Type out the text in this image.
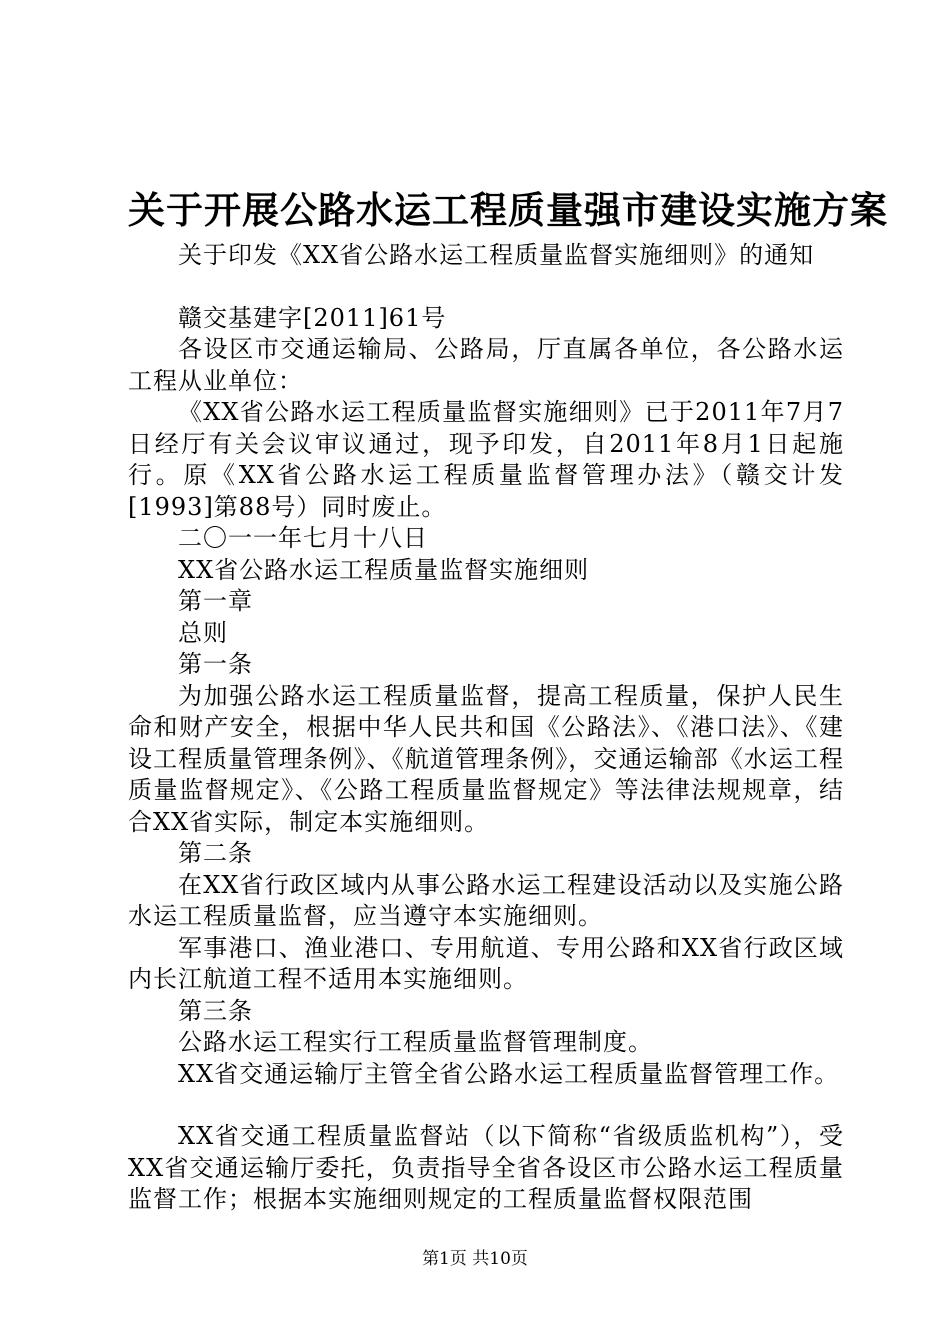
关于开展公路水运工程质量强市建设实施方案

关于印发《XX省公路水运工程质量监督实施细则》的通知

赣交基建字[2011]61号

各设区市交通运输局、公路局，厅直属各单位，各公路水运工程从业单位：

《XX省公路水运工程质量监督实施细则》已于2011年7月7日经厅有关会议审议通过，现予印发，自2011年8月1日起施行。原《XX省公路水运工程质量监督管理办法》（赣交计发[1993]第88号）同时废止。

二〇一一年七月十八日

XX省公路水运工程质量监督实施细则

第一章

总则

第一条

为加强公路水运工程质量监督，提高工程质量，保护人民生命和财产安全，根据中华人民共和国《公路法》、《港口法》、《建设工程质量管理条例》、《航道管理条例》，交通运输部《水运工程质量监督规定》、《公路工程质量监督规定》等法律法规规章，结合XX省实际，制定本实施细则。

第二条

在XX省行政区域内从事公路水运工程建设活动以及实施公路水运工程质量监督，应当遵守本实施细则。

军事港口、渔业港口、专用航道、专用公路和XX省行政区域内长江航道工程不适用本实施细则。

第三条

公路水运工程实行工程质量监督管理制度。

XX省交通运输厅主管全省公路水运工程质量监督管理工作。

XX省交通工程质量监督站（以下简称“省级质监机构”），受XX省交通运输厅委托，负责指导全省各设区市公路水运工程质量监督工作；根据本实施细则规定的工程质量监督权限范围

第1页 共10页
